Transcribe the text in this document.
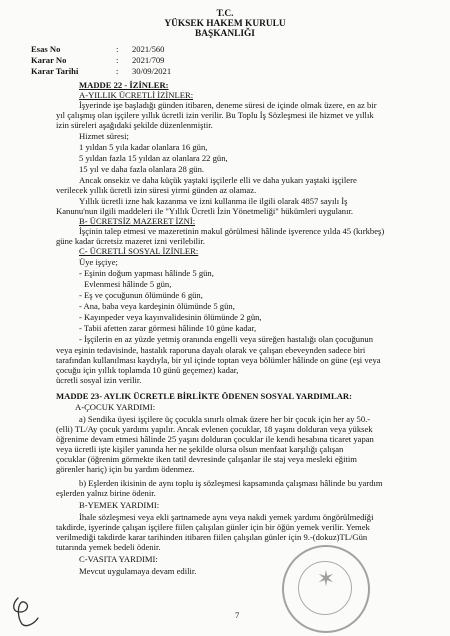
T.C.
YÜKSEK HAKEM KURULU
BAŞKANLIĞI
Esas No	: 2021/560
Karar No	: 2021/709
Karar Tarihi	: 30/09/2021
MADDE 22 - İZİNLER:
A-YILLIK ÜCRETLİ İZİNLER:
İşyerinde işe başladığı günden itibaren, deneme süresi de içinde olmak üzere, en az bir
yıl çalışmış olan işçilere yıllık ücretli izin verilir. Bu Toplu İş Sözleşmesi ile hizmet ve yıllık
izin süreleri aşağıdaki şekilde düzenlenmiştir.
Hizmet süresi;
1 yıldan 5 yıla kadar olanlara 16 gün,
5 yıldan fazla 15 yıldan az olanlara 22 gün,
15 yıl ve daha fazla olanlara 28 gün.
Ancak onsekiz ve daha küçük yaştaki işçilerle elli ve daha yukarı yaştaki işçilere
verilecek yıllık ücretli izin süresi yirmi günden az olamaz.
Yıllık ücretli izne hak kazanma ve izni kullanma ile ilgili olarak 4857 sayılı İş
Kanunu'nun ilgili maddeleri ile "Yıllık Ücretli İzin Yönetmeliği" hükümleri uygulanır.
B- ÜCRETSİZ MAZERET İZNİ:
İşçinin talep etmesi ve mazeretinin makul görülmesi hâlinde işverence yılda 45 (kırkbeş)
güne kadar ücretsiz mazeret izni verilebilir.
C- ÜCRETLİ SOSYAL İZİNLER:
Üye işçiye;
- Eşinin doğum yapması hâlinde 5 gün,
Evlenmesi hâlinde 5 gün,
- Eş ve çocuğunun ölümünde 6 gün,
- Ana, baba veya kardeşinin ölümünde 5 gün,
- Kayınpeder veya kayınvalidesinin ölümünde 2 gün,
- Tabii afetten zarar görmesi hâlinde 10 güne kadar,
- İşçilerin en az yüzde yetmiş oranında engelli veya süreğen hastalığı olan çocuğunun
veya eşinin tedavisinde, hastalık raporuna dayalı olarak ve çalışan ebeveynden sadece biri
tarafından kullanılması kaydıyla, bir yıl içinde toptan veya bölümler hâlinde on güne (eşi veya
çocuğu için yıllık toplamda 10 günü geçemez) kadar,
ücretli sosyal izin verilir.
MADDE 23- AYLIK ÜCRETLE BİRLİKTE ÖDENEN SOSYAL YARDIMLAR:
A-ÇOCUK YARDIMI:
a) Sendika üyesi işçilere üç çocukla sınırlı olmak üzere her bir çocuk için her ay 50.-
(elli) TL/Ay çocuk yardımı yapılır. Ancak evlenen çocuklar, 18 yaşını dolduran veya yüksek
öğrenime devam etmesi hâlinde 25 yaşını dolduran çocuklar ile kendi hesabına ticaret yapan
veya ücretli işte kişiler yanında her ne şekilde olursa olsun menfaat karşılığı çalışan
çocuklar (öğrenim görmekte iken tatil devresinde çalışanlar ile staj veya mesleki eğitim
görenler hariç) için bu yardım ödenmez.
b) Eşlerden ikisinin de aynı toplu iş sözleşmesi kapsamında çalışması hâlinde bu yardım
eşlerden yalnız birine ödenir.
B-YEMEK YARDIMI:
İhale sözleşmesi veya ekli şartnamede aynı veya nakdi yemek yardımı öngörülmediği
takdirde, işyerinde çalışan işçilere fiilen çalışılan günler için bir öğün yemek verilir. Yemek
verilmediği takdirde karar tarihinden itibaren fiilen çalışılan günler için 9.-(dokuz)TL/Gün
tutarında yemek bedeli ödenir.
C-VASITA YARDIMI:
Mevcut uygulamaya devam edilir.	✶
7
